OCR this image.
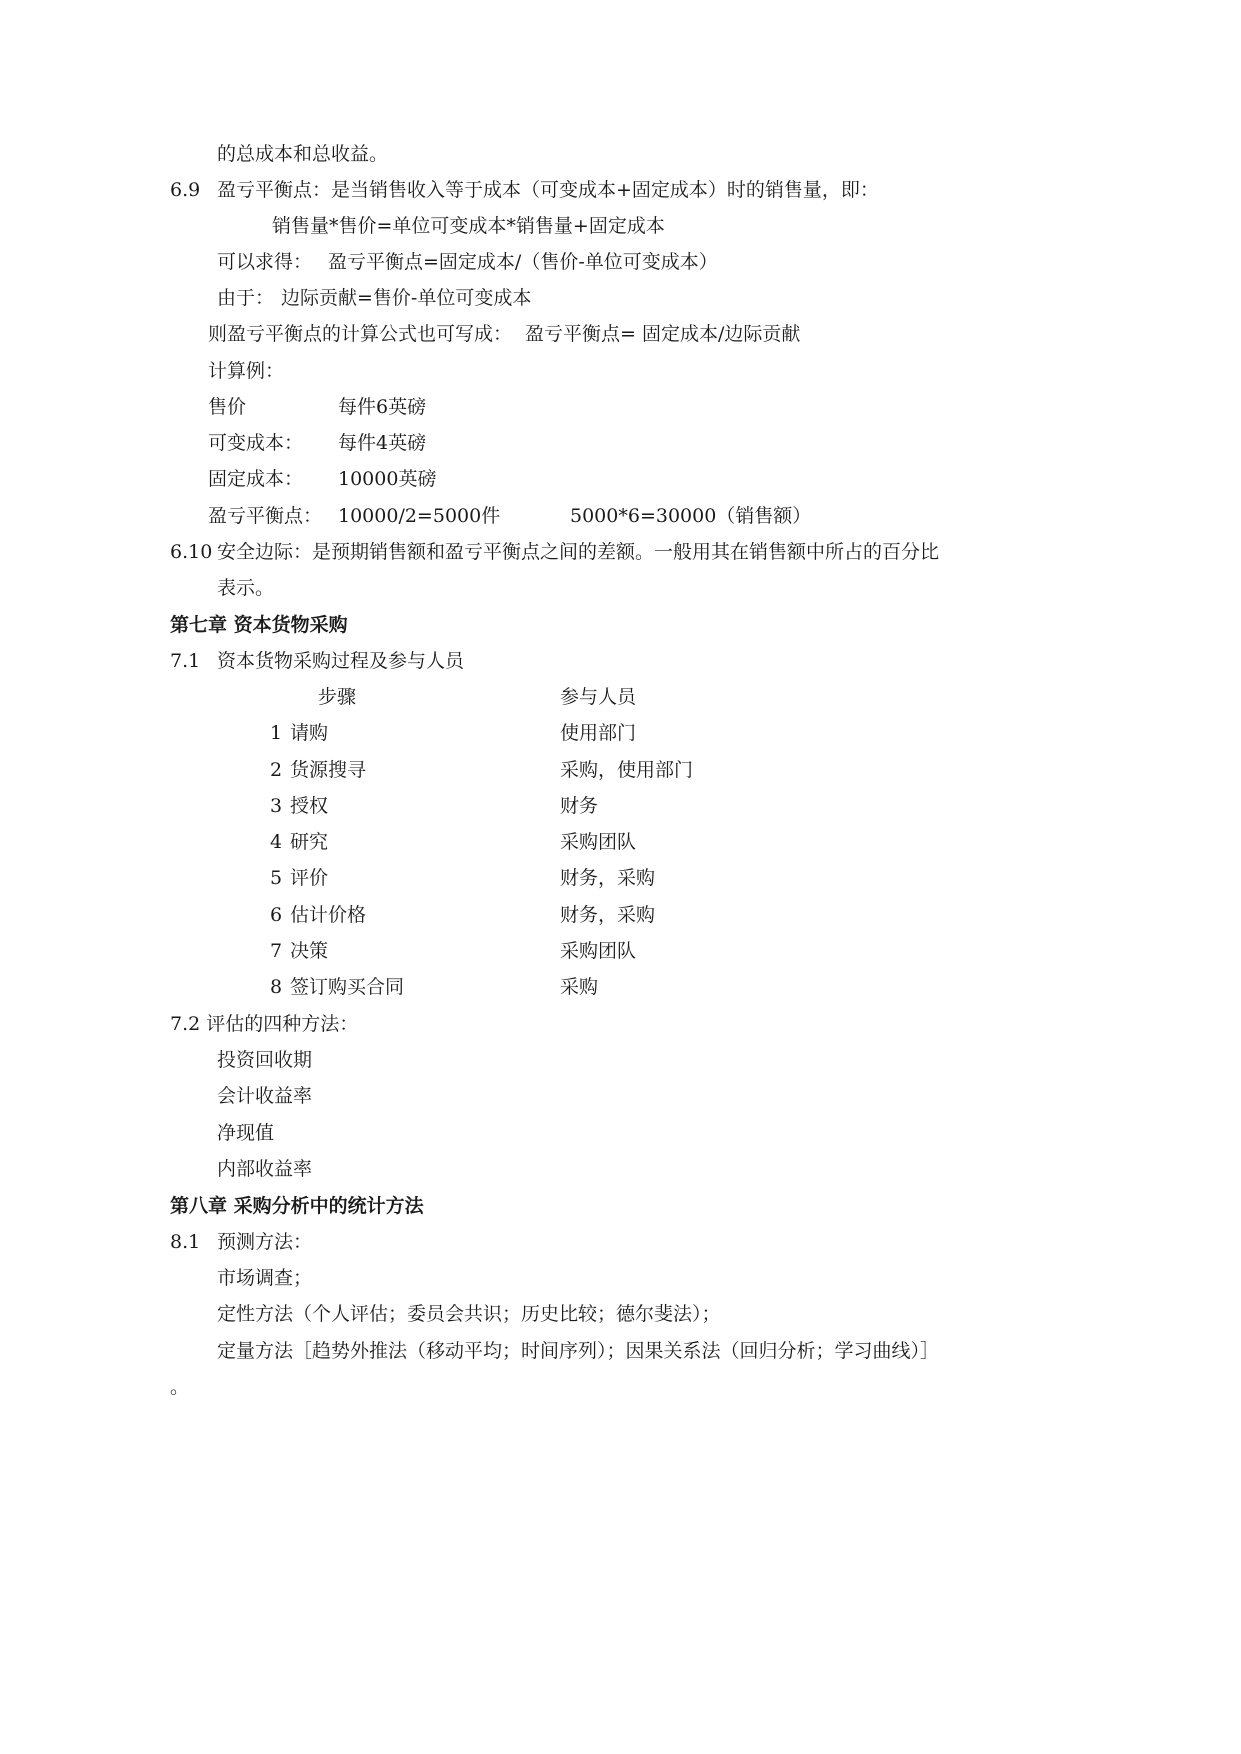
的总成本和总收益。
6.9 盈亏平衡点：是当销售收入等于成本（可变成本+固定成本）时的销售量，即：
销售量*售价=单位可变成本*销售量+固定成本
可以求得： 盈亏平衡点=固定成本/（售价-单位可变成本）
由于： 边际贡献=售价-单位可变成本
则盈亏平衡点的计算公式也可写成： 盈亏平衡点= 固定成本/边际贡献
计算例：
售价	每件6英磅
可变成本： 每件4英磅
固定成本： 10000英磅
盈亏平衡点： 10000/2=5000件	5000*6=30000（销售额）
6.10 安全边际：是预期销售额和盈亏平衡点之间的差额。一般用其在销售额中所占的百分比
表示。
第七章 资本货物采购
7.1 资本货物采购过程及参与人员
步骤	参与人员
1 请购	使用部门
2 货源搜寻	采购，使用部门
3 授权	财务
4 研究	采购团队
5 评价	财务，采购
6 估计价格	财务，采购
7 决策	采购团队
8 签订购买合同	采购
7.2 评估的四种方法：
投资回收期
会计收益率
净现值
内部收益率
第八章 采购分析中的统计方法
8.1 预测方法：
市场调查；
定性方法（个人评估；委员会共识；历史比较；德尔斐法）；
定量方法［趋势外推法（移动平均；时间序列）；因果关系法（回归分析；学习曲线）］
。
